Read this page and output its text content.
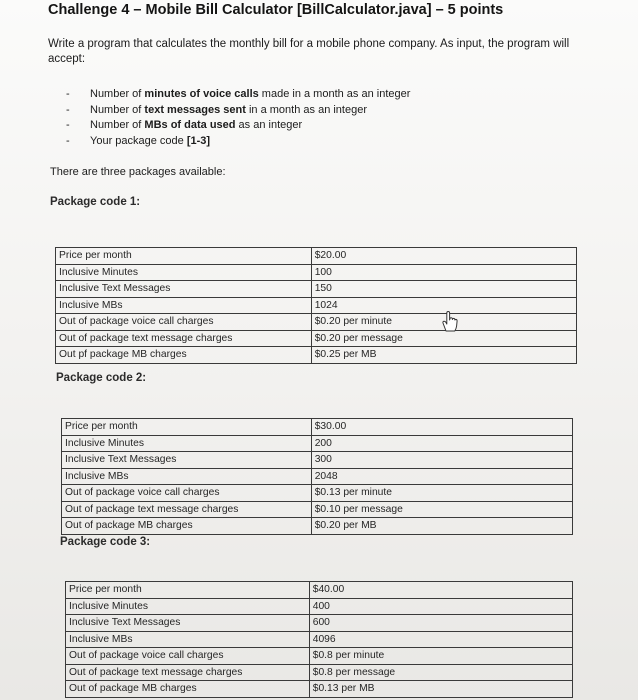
Challenge 4 – Mobile Bill Calculator [BillCalculator.java] – 5 points
Write a program that calculates the monthly bill for a mobile phone company. As input, the program will accept:
- Number of minutes of voice calls made in a month as an integer
- Number of text messages sent in a month as an integer
- Number of MBs of data used as an integer
- Your package code [1-3]
There are three packages available:
Package code 1:
Price per month	$20.00
Inclusive Minutes	100
Inclusive Text Messages	150
Inclusive MBs	1024
Out of package voice call charges	$0.20 per minute
Out of package text message charges	$0.20 per message
Out pf package MB charges	$0.25 per MB
Package code 2:
Price per month	$30.00
Inclusive Minutes	200
Inclusive Text Messages	300
Inclusive MBs	2048
Out of package voice call charges	$0.13 per minute
Out of package text message charges	$0.10 per message
Out of package MB charges	$0.20 per MB
Package code 3:
Price per month	$40.00
Inclusive Minutes	400
Inclusive Text Messages	600
Inclusive MBs	4096
Out of package voice call charges	$0.8 per minute
Out of package text message charges	$0.8 per message
Out of package MB charges	$0.13 per MB
